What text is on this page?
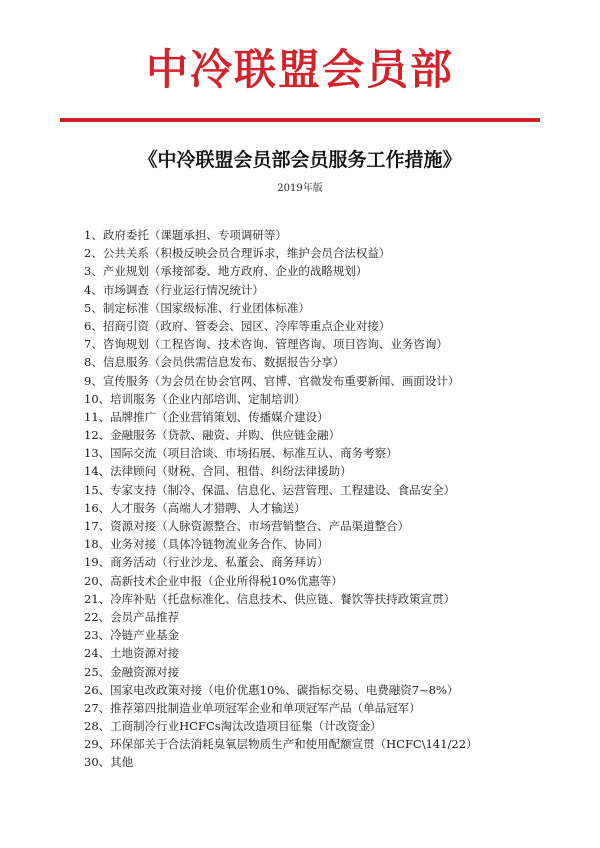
中冷联盟会员部
《中冷联盟会员部会员服务工作措施》
2019年版
1、政府委托（课题承担、专项调研等）
2、公共关系（积极反映会员合理诉求，维护会员合法权益）
3、产业规划（承接部委、地方政府、企业的战略规划）
4、市场调查（行业运行情况统计）
5、制定标准（国家级标准、行业团体标准）
6、招商引资（政府、管委会、园区、冷库等重点企业对接）
7、咨询规划（工程咨询、技术咨询、管理咨询、项目咨询、业务咨询）
8、信息服务（会员供需信息发布、数据报告分享）
9、宣传服务（为会员在协会官网、官博、官微发布重要新闻、画面设计）
10、培训服务（企业内部培训、定制培训）
11、品牌推广（企业营销策划、传播媒介建设）
12、金融服务（贷款、融资、并购、供应链金融）
13、国际交流（项目洽谈、市场拓展、标准互认、商务考察）
14、法律顾问（财税、合同、租借、纠纷法律援助）
15、专家支持（制冷、保温、信息化、运营管理、工程建设、食品安全）
16、人才服务（高端人才猎聘、人才输送）
17、资源对接（人脉资源整合、市场营销整合、产品渠道整合）
18、业务对接（具体冷链物流业务合作、协同）
19、商务活动（行业沙龙、私董会、商务拜访）
20、高新技术企业申报（企业所得税10%优惠等）
21、冷库补贴（托盘标准化、信息技术、供应链、餐饮等扶持政策宣贯）
22、会员产品推荐
23、冷链产业基金
24、土地资源对接
25、金融资源对接
26、国家电改政策对接（电价优惠10%、碳指标交易、电费融资7~8%）
27、推荐第四批制造业单项冠军企业和单项冠军产品（单品冠军）
28、工商制冷行业HCFCs淘汰改造项目征集（计改资金）
29、环保部关于合法消耗臭氧层物质生产和使用配额宣贯（HCFC\141/22）
30、其他
